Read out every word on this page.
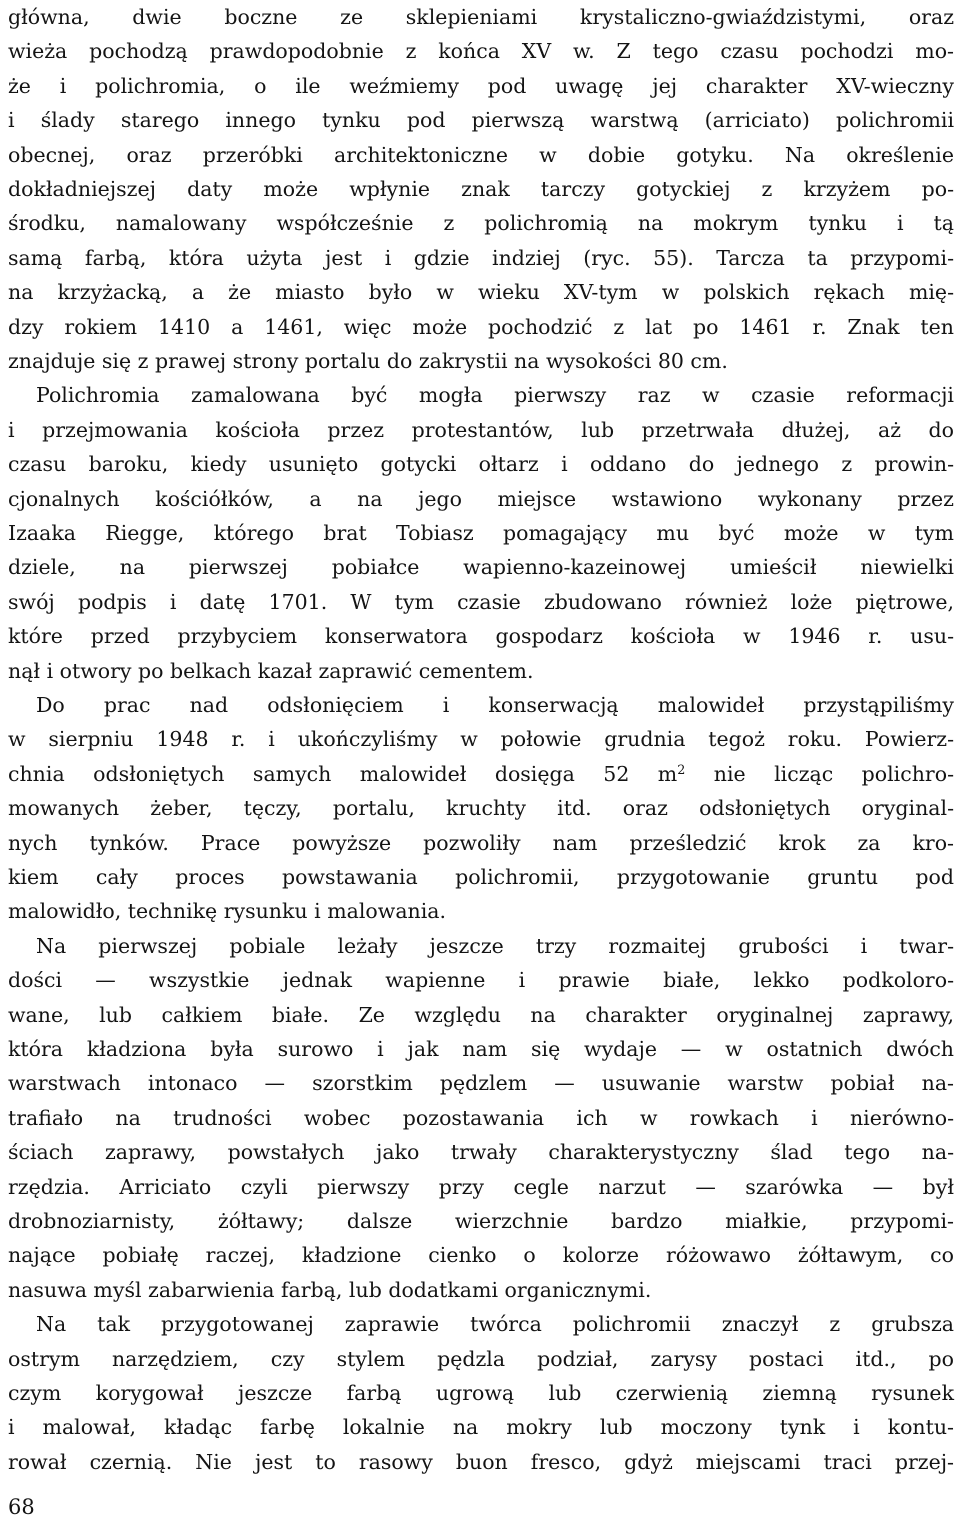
główna, dwie boczne ze sklepieniami krystaliczno-gwiaździstymi, oraz
wieża pochodzą prawdopodobnie z końca XV w. Z tego czasu pochodzi mo-
że i polichromia, o ile weźmiemy pod uwagę jej charakter XV-wieczny
i ślady starego innego tynku pod pierwszą warstwą (arriciato) polichromii
obecnej, oraz przeróbki architektoniczne w dobie gotyku. Na określenie
dokładniejszej daty może wpłynie znak tarczy gotyckiej z krzyżem po-
środku, namalowany współcześnie z polichromią na mokrym tynku i tą
samą farbą, która użyta jest i gdzie indziej (ryc. 55). Tarcza ta przypomi-
na krzyżacką, a że miasto było w wieku XV-tym w polskich rękach mię-
dzy rokiem 1410 a 1461, więc może pochodzić z lat po 1461 r. Znak ten
znajduje się z prawej strony portalu do zakrystii na wysokości 80 cm.
Polichromia zamalowana być mogła pierwszy raz w czasie reformacji
i przejmowania kościoła przez protestantów, lub przetrwała dłużej, aż do
czasu baroku, kiedy usunięto gotycki ołtarz i oddano do jednego z prowin-
cjonalnych kościółków, a na jego miejsce wstawiono wykonany przez
Izaaka Riegge, którego brat Tobiasz pomagający mu być może w tym
dziele, na pierwszej pobiałce wapienno-kazeinowej umieścił niewielki
swój podpis i datę 1701. W tym czasie zbudowano również loże piętrowe,
które przed przybyciem konserwatora gospodarz kościoła w 1946 r. usu-
nął i otwory po belkach kazał zaprawić cementem.
Do prac nad odsłonięciem i konserwacją malowideł przystąpiliśmy
w sierpniu 1948 r. i ukończyliśmy w połowie grudnia tegoż roku. Powierz-
chnia odsłoniętych samych malowideł dosięga 52 $m^2$ nie licząc polichro-
mowanych żeber, tęczy, portalu, kruchty itd. oraz odsłoniętych oryginal-
nych tynków. Prace powyższe pozwoliły nam prześledzić krok za kro-
kiem cały proces powstawania polichromii, przygotowanie gruntu pod
malowidło, technikę rysunku i malowania.
Na pierwszej pobiale leżały jeszcze trzy rozmaitej grubości i twar-
dości — wszystkie jednak wapienne i prawie białe, lekko podkoloro-
wane, lub całkiem białe. Ze względu na charakter oryginalnej zaprawy,
która kładziona była surowo i jak nam się wydaje — w ostatnich dwóch
warstwach intonaco — szorstkim pędzlem — usuwanie warstw pobiał na-
trafiało na trudności wobec pozostawania ich w rowkach i nierówno-
ściach zaprawy, powstałych jako trwały charakterystyczny ślad tego na-
rzędzia. Arriciato czyli pierwszy przy cegle narzut — szarówka — był
drobnoziarnisty, żółtawy; dalsze wierzchnie bardzo miałkie, przypomi-
nające pobiałę raczej, kładzione cienko o kolorze różowawo żółtawym, co
nasuwa myśl zabarwienia farbą, lub dodatkami organicznymi.
Na tak przygotowanej zaprawie twórca polichromii znaczył z grubsza
ostrym narzędziem, czy stylem pędzla podział, zarysy postaci itd., po
czym korygował jeszcze farbą ugrową lub czerwienią ziemną rysunek
i malował, kładąc farbę lokalnie na mokry lub moczony tynk i kontu-
rował czernią. Nie jest to rasowy buon fresco, gdyż miejscami traci przej-
68
